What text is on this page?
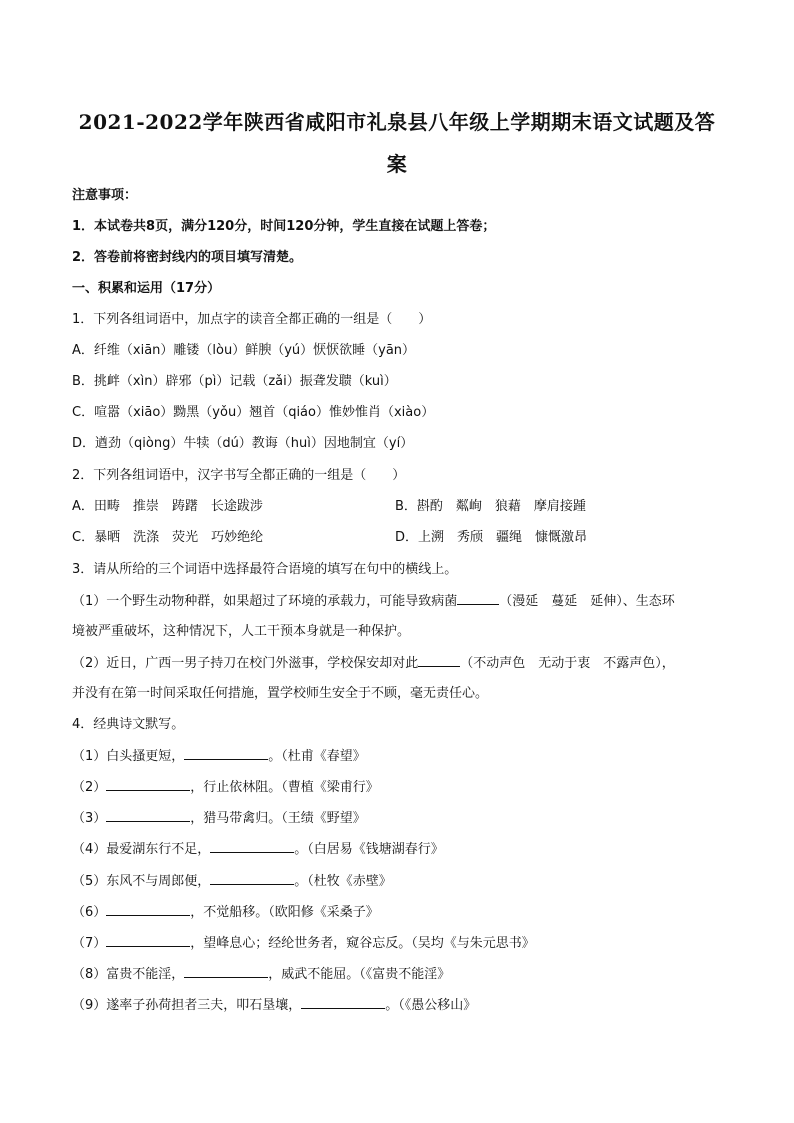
2021-2022学年陕西省咸阳市礼泉县八年级上学期期末语文试题及答
案
注意事项：
1．本试卷共8页，满分120分，时间120分钟，学生直接在试题上答卷；
2．答卷前将密封线内的项目填写清楚。
一、积累和运用（17分）
1．下列各组词语中，加点字的读音全都正确的一组是（　　）
A．纤维（xiān）雕镂（lòu）鲜腴（yú）恹恹欲睡（yān）
B．挑衅（xìn）辟邪（pì）记载（zǎi）振聋发聩（kuì）
C．喧嚣（xiāo）黝黑（yǒu）翘首（qiáo）惟妙惟肖（xiào）
D．遒劲（qiòng）牛犊（dú）教诲（huì）因地制宜（yí）
2．下列各组词语中，汉字书写全都正确的一组是（　　）
A．田畴　推崇　踌躇　长途跋涉	B．斟酌　粼峋　狼藉　摩肩接踵
C．暴晒　洗涤　荧光　巧妙绝纶	D．上溯　秀颀　疆绳　慷慨激昂
3．请从所给的三个词语中选择最符合语境的填写在句中的横线上。
（1）一个野生动物种群，如果超过了环境的承载力，可能导致病菌	（漫延　蔓延　延伸）、生态环
境被严重破坏，这种情况下，人工干预本身就是一种保护。
（2）近日，广西一男子持刀在校门外滋事，学校保安却对此	（不动声色　无动于衷　不露声色），
并没有在第一时间采取任何措施，置学校师生安全于不顾，毫无责任心。
4．经典诗文默写。
（1）白头搔更短，	。（杜甫《春望》
（2）	，行止依林阻。（曹植《梁甫行》
（3）	，猎马带禽归。（王绩《野望》
（4）最爱湖东行不足，	。（白居易《钱塘湖春行》
（5）东风不与周郎便，	。（杜牧《赤壁》
（6）	，不觉船移。（欧阳修《采桑子》
（7）	，望峰息心；经纶世务者，窥谷忘反。（吴均《与朱元思书》
（8）富贵不能淫，	，威武不能屈。（《富贵不能淫》
（9）遂率子孙荷担者三夫，叩石垦壤，	。（《愚公移山》
